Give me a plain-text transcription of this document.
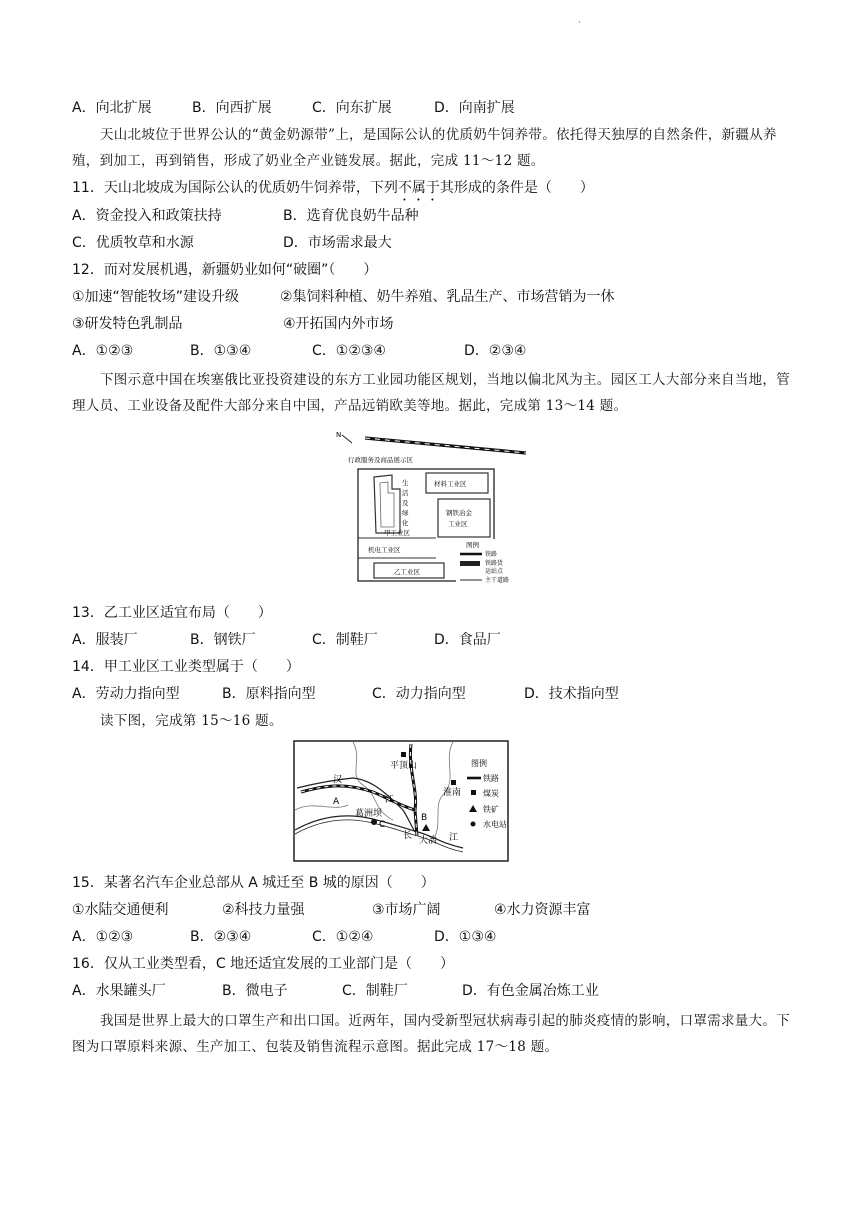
·
A．向北扩展	B．向西扩展	C．向东扩展	D．向南扩展
天山北坡位于世界公认的“黄金奶源带”上，是国际公认的优质奶牛饲养带。依托得天独厚的自然条件，新疆从养殖，到加工，再到销售，形成了奶业全产业链发展。据此，完成 11～12 题。
11．天山北坡成为国际公认的优质奶牛饲养带，下列不属于其形成的条件是（　　）
A．资金投入和政策扶持	B．选育优良奶牛品种
C．优质牧草和水源	D．市场需求最大
12．而对发展机遇，新疆奶业如何“破圈”（　　）
①加速“智能牧场”建设升级	②集饲料种植、奶牛养殖、乳品生产、市场营销为一休
③研发特色乳制品	④开拓国内外市场
A．①②③	B．①③④	C．①②③④	D．②③④
下图示意中国在埃塞俄比亚投资建设的东方工业园功能区规划，当地以偏北风为主。园区工人大部分来自当地，管理人员、工业设备及配件大部分来自中国，产品远销欧美等地。据此，完成第 13～14 题。
N
行政服务及商品展示区
生
活
及
绿
化
材料工业区
钢铁冶金
工业区
甲工业区
机电工业区
乙工业区
图例
铁路
铁路货
运站点
主干道路
13．乙工业区适宜布局（　　）
A．服装厂	B．钢铁厂	C．制鞋厂	D．食品厂
14．甲工业区工业类型属于（　　）
A．劳动力指向型	B．原料指向型	C．动力指向型	D．技术指向型
读下图，完成第 15～16 题。
平顶山
淮南
汉
江
A
葛洲坝
C
B
长 大冶 江
图例
铁路
煤炭
铁矿
水电站
15．某著名汽车企业总部从 A 城迁至 B 城的原因（　　）
①水陆交通便利	②科技力量强	③市场广阔	④水力资源丰富
A．①②③	B．②③④	C．①②④	D．①③④
16．仅从工业类型看，C 地还适宜发展的工业部门是（　　）
A．水果罐头厂	B．微电子	C．制鞋厂	D．有色金属冶炼工业
我国是世界上最大的口罩生产和出口国。近两年，国内受新型冠状病毒引起的肺炎疫情的影响，口罩需求量大。下图为口罩原料来源、生产加工、包装及销售流程示意图。据此完成 17～18 题。
